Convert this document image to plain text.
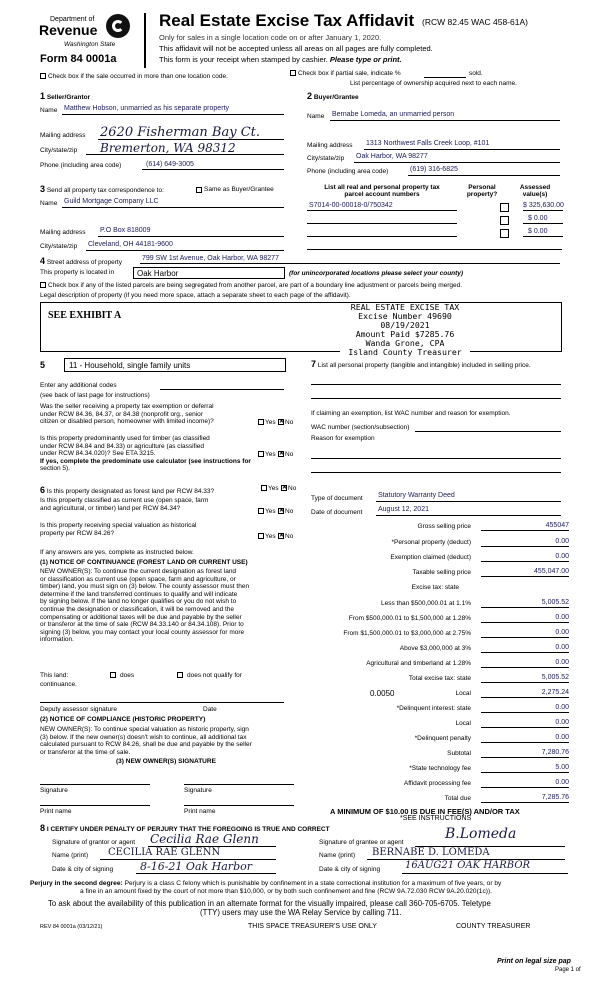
Department of
Revenue
Washington State
Form 84 0001a
Real Estate Excise Tax Affidavit (RCW 82.45 WAC 458-61A)
Only for sales in a single location code on or after January 1, 2020.
This affidavit will not be accepted unless all areas on all pages are fully completed.
This form is your receipt when stamped by cashier. Please type or print.
Check box if the sale occurred in more than one location code.	Check box if partial sale, indicate %	sold.
List percentage of ownership acquired next to each name.
1 Seller/Grantor
Name Matthew Hobson, unmarried as his separate property
Mailing address 2620 Fisherman Bay Ct.
City/state/zip Bremerton, WA 98312
Phone (including area code)	(614) 649-3005
2 Buyer/Grantee
Name Bernabe Lomeda, an unmarried person
Mailing address 1313 Northwest Falls Creek Loop, #101
City/state/zip Oak Harbor, WA 98277
Phone (including area code)	(619) 316-6825
3 Send all property tax correspondence to:	Same as Buyer/Grantee
Name Guild Mortgage Company LLC
Mailing address P.O Box 818009
City/state/zip Cleveland, OH 44181-9600
List all real and personal property tax
parcel account numbers
Personal
property?
Assessed
value(s)
S7014-00-00018-0/750342	$ 325,630.00
$ 0.00
$ 0.00
4 Street address of property
799 SW 1st Avenue, Oak Harbor, WA 98277
This property is located in	Oak Harbor	(for unincorporated locations please select your county)
Check box if any of the listed parcels are being segregated from another parcel, are part of a boundary line adjustment or parcels being merged.
Legal description of property (if you need more space, attach a separate sheet to each page of the affidavit).
SEE EXHIBIT A
REAL ESTATE EXCISE TAX
Excise Number 49690
08/19/2021
Amount Paid $7285.76
Wanda Grone, CPA
Island County Treasurer
5	11 - Household, single family units
Enter any additional codes
(see back of last page for instructions)
Was the seller receiving a property tax exemption or deferral
under RCW 84.36, 84.37, or 84.38 (nonprofit org., senior
citizen or disabled person, homeowner with limited income)?	Yes ✕ No
Is this property predominantly used for timber (as classified
under RCW 84.84 and 84.33) or agriculture (as classified
under RCW 84.34.020)? See ETA 3215.
If yes, complete the predominate use calculator (see instructions for
section 5).
Yes ✕ No
6 Is this property designated as forest land per RCW 84.33?	Yes ✕ No
Is this property classified as current use (open space, farm
and agricultural, or timber) land per RCW 84.34?	Yes ✕ No
Is this property receiving special valuation as historical
property per RCW 84.26?	Yes ✕ No
If any answers are yes, complete as instructed below.
(1) NOTICE OF CONTINUANCE (FOREST LAND OR CURRENT USE)
NEW OWNER(S): To continue the current designation as forest land
or classification as current use (open space, farm and agriculture, or
timber) land, you must sign on (3) below. The county assessor must then
determine if the land transferred continues to qualify and will indicate
by signing below. If the land no longer qualifies or you do not wish to
continue the designation or classification, it will be removed and the
compensating or additional taxes will be due and payable by the seller
or transferor at the time of sale (RCW 84.33.140 or 84.34.108). Prior to
signing (3) below, you may contact your local county assessor for more
information.
This land:	does	does not qualify for
continuance.
Deputy assessor signature	Date
(2) NOTICE OF COMPLIANCE (HISTORIC PROPERTY)
NEW OWNER(S): To continue special valuation as historic property, sign
(3) below. If the new owner(s) doesn't wish to continue, all additional tax
calculated pursuant to RCW 84.26, shall be due and payable by the seller
or transferor at the time of sale.
(3) NEW OWNER(S) SIGNATURE
Signature	Signature
Print name	Print name
7 List all personal property (tangible and intangible) included in selling price.
If claiming an exemption, list WAC number and reason for exemption.
WAC number (section/subsection)
Reason for exemption
Type of document Statutory Warranty Deed
Date of document August 12, 2021
Gross selling price	455047
*Personal property (deduct)	0.00
Exemption claimed (deduct)	0.00
Taxable selling price	455,047.00
Excise tax: state
Less than $500,000.01 at 1.1%	5,005.52
From $500,000.01 to $1,500,000 at 1.28%	0.00
From $1,500,000.01 to $3,000,000 at 2.75%	0.00
Above $3,000,000 at 3%	0.00
Agricultural and timberland at 1.28%	0.00
Total excise tax: state	5,005.52
0.0050	Local	2,275.24
*Delinquent interest: state	0.00
Local	0.00
*Delinquent penalty	0.00
Subtotal	7,280.76
*State technology fee	5.00
Affidavit processing fee	0.00
Total due	7,285.76
A MINIMUM OF $10.00 IS DUE IN FEE(S) AND/OR TAX
*SEE INSTRUCTIONS
8 I CERTIFY UNDER PENALTY OF PERJURY THAT THE FOREGOING IS TRUE AND CORRECT
Signature of grantor or agent Cecilia Rae Glenn
Name (print) CECILIA RAE GLENN
Date & city of signing 8-16-21 Oak Harbor
Signature of grantee or agent
B.Lomeda
Name (print) BERNABE D. LOMEDA
Date & city of signing 16AUG21 OAK HARBOR
Perjury in the second degree: Perjury is a class C felony which is punishable by confinement in a state correctional institution for a maximum of five years, or by
a fine in an amount fixed by the court of not more than $10,000, or by both such confinement and fine (RCW 9A.72.030 RCW 9A.20.020(1c)).
To ask about the availability of this publication in an alternate format for the visually impaired, please call 360-705-6705. Teletype
(TTY) users may use the WA Relay Service by calling 711.
REV 84 0001a (03/12/21)	THIS SPACE TREASURER'S USE ONLY	COUNTY TREASURER
Print on legal size pap
Page 1 of
